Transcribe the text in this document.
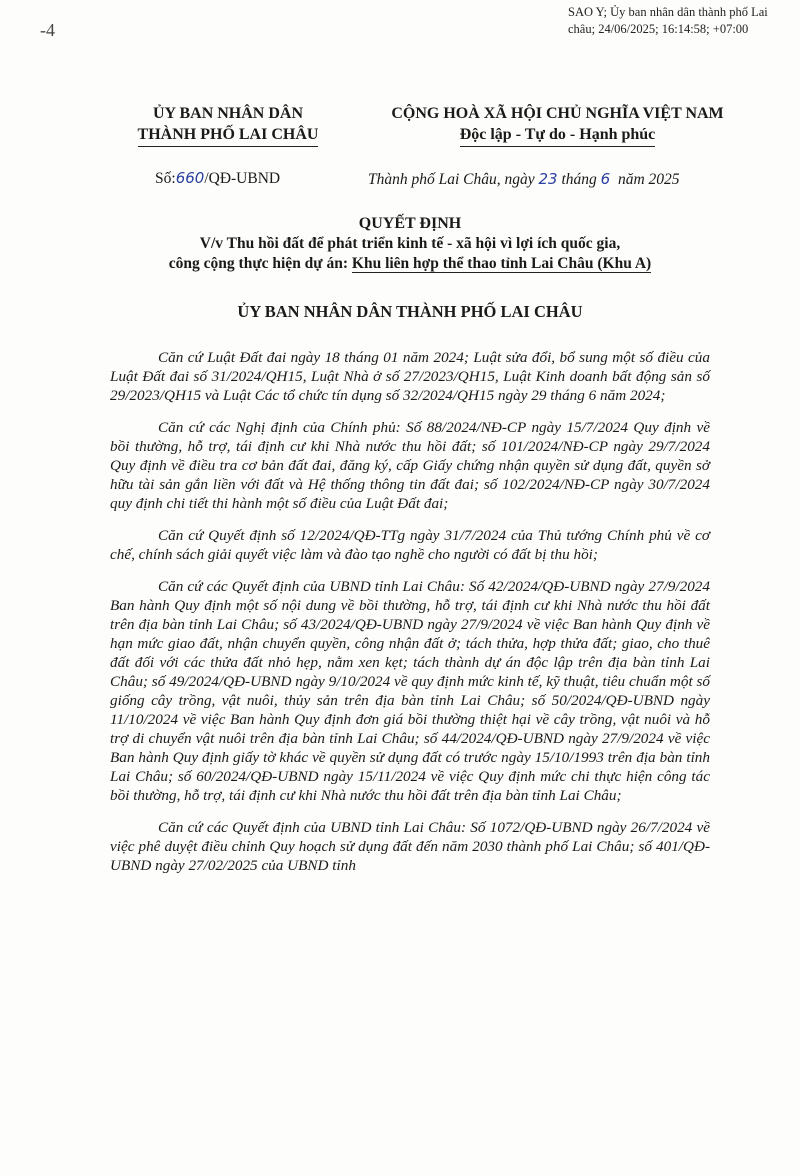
SAO Y; Ủy ban nhân dân thành phố Lai châu; 24/06/2025; 16:14:58; +07:00
-4
ỦY BAN NHÂN DÂN
THÀNH PHỐ LAI CHÂU
CỘNG HOÀ XÃ HỘI CHỦ NGHĨA VIỆT NAM
Độc lập - Tự do - Hạnh phúc
Số:660/QĐ-UBND	Thành phố Lai Châu, ngày 23 tháng 6 năm 2025
QUYẾT ĐỊNH
V/v Thu hồi đất để phát triển kinh tế - xã hội vì lợi ích quốc gia,
công cộng thực hiện dự án: Khu liên hợp thể thao tỉnh Lai Châu (Khu A)
ỦY BAN NHÂN DÂN THÀNH PHỐ LAI CHÂU

Căn cứ Luật Đất đai ngày 18 tháng 01 năm 2024; Luật sửa đổi, bổ sung một số điều của Luật Đất đai số 31/2024/QH15, Luật Nhà ở số 27/2023/QH15, Luật Kinh doanh bất động sản số 29/2023/QH15 và Luật Các tổ chức tín dụng số 32/2024/QH15 ngày 29 tháng 6 năm 2024;

Căn cứ các Nghị định của Chính phủ: Số 88/2024/NĐ-CP ngày 15/7/2024 Quy định về bồi thường, hỗ trợ, tái định cư khi Nhà nước thu hồi đất; số 101/2024/NĐ-CP ngày 29/7/2024 Quy định về điều tra cơ bản đất đai, đăng ký, cấp Giấy chứng nhận quyền sử dụng đất, quyền sở hữu tài sản gắn liền với đất và Hệ thống thông tin đất đai; số 102/2024/NĐ-CP ngày 30/7/2024 quy định chi tiết thi hành một số điều của Luật Đất đai;

Căn cứ Quyết định số 12/2024/QĐ-TTg ngày 31/7/2024 của Thủ tướng Chính phủ về cơ chế, chính sách giải quyết việc làm và đào tạo nghề cho người có đất bị thu hồi;

Căn cứ các Quyết định của UBND tỉnh Lai Châu: Số 42/2024/QĐ-UBND ngày 27/9/2024 Ban hành Quy định một số nội dung về bồi thường, hỗ trợ, tái định cư khi Nhà nước thu hồi đất trên địa bàn tỉnh Lai Châu; số 43/2024/QĐ-UBND ngày 27/9/2024 về việc Ban hành Quy định về hạn mức giao đất, nhận chuyển quyền, công nhận đất ở; tách thửa, hợp thửa đất; giao, cho thuê đất đối với các thửa đất nhỏ hẹp, nằm xen kẹt; tách thành dự án độc lập trên địa bàn tỉnh Lai Châu; số 49/2024/QĐ-UBND ngày 9/10/2024 về quy định mức kinh tế, kỹ thuật, tiêu chuẩn một số giống cây trồng, vật nuôi, thủy sản trên địa bàn tỉnh Lai Châu; số 50/2024/QĐ-UBND ngày 11/10/2024 về việc Ban hành Quy định đơn giá bồi thường thiệt hại về cây trồng, vật nuôi và hỗ trợ di chuyển vật nuôi trên địa bàn tỉnh Lai Châu; số 44/2024/QĐ-UBND ngày 27/9/2024 về việc Ban hành Quy định giấy tờ khác về quyền sử dụng đất có trước ngày 15/10/1993 trên địa bàn tỉnh Lai Châu; số 60/2024/QĐ-UBND ngày 15/11/2024 về việc Quy định mức chi thực hiện công tác bồi thường, hỗ trợ, tái định cư khi Nhà nước thu hồi đất trên địa bàn tỉnh Lai Châu;

Căn cứ các Quyết định của UBND tỉnh Lai Châu: Số 1072/QĐ-UBND ngày 26/7/2024 về việc phê duyệt điều chỉnh Quy hoạch sử dụng đất đến năm 2030 thành phố Lai Châu; số 401/QĐ-UBND ngày 27/02/2025 của UBND tỉnh
